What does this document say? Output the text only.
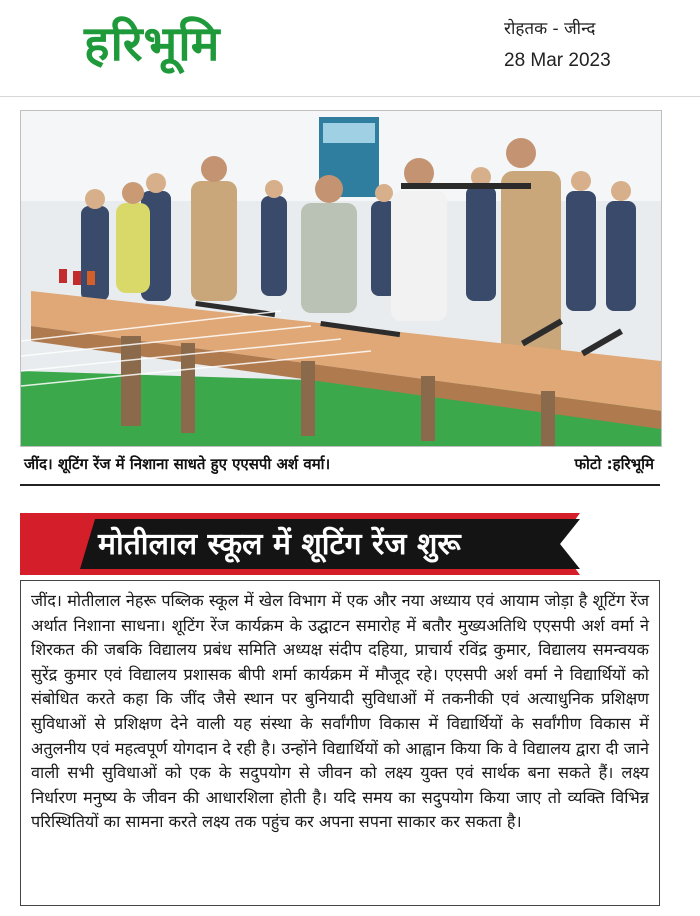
हरिभूमि	रोहतक - जीन्द
28 Mar 2023
जींद। शूटिंग रेंज में निशाना साधते हुए एएसपी अर्श वर्मा।	फोटो :हरिभूमि
मोतीलाल स्कूल में शूटिंग रेंज शुरू

जींद। मोतीलाल नेहरू पब्लिक स्कूल में खेल विभाग में एक और नया अध्याय एवं आयाम जोड़ा है शूटिंग रेंज अर्थात निशाना साधना। शूटिंग रेंज कार्यक्रम के उद्घाटन समारोह में बतौर मुख्यअतिथि एएसपी अर्श वर्मा ने शिरकत की जबकि विद्यालय प्रबंध समिति अध्यक्ष संदीप दहिया, प्राचार्य रविंद्र कुमार, विद्यालय समन्वयक सुरेंद्र कुमार एवं विद्यालय प्रशासक बीपी शर्मा कार्यक्रम में मौजूद रहे। एएसपी अर्श वर्मा ने विद्यार्थियों को संबोधित करते कहा कि जींद जैसे स्थान पर बुनियादी सुविधाओं में तकनीकी एवं अत्याधुनिक प्रशिक्षण सुविधाओं से प्रशिक्षण देने वाली यह संस्था के सर्वांगीण विकास में विद्यार्थियों के सर्वांगीण विकास में अतुलनीय एवं महत्वपूर्ण योगदान दे रही है। उन्होंने विद्यार्थियों को आह्वान किया कि वे विद्यालय द्वारा दी जाने वाली सभी सुविधाओं को एक के सदुपयोग से जीवन को लक्ष्य युक्त एवं सार्थक बना सकते हैं। लक्ष्य निर्धारण मनुष्य के जीवन की आधारशिला होती है। यदि समय का सदुपयोग किया जाए तो व्यक्ति विभिन्न परिस्थितियों का सामना करते लक्ष्य तक पहुंच कर अपना सपना साकार कर सकता है।
